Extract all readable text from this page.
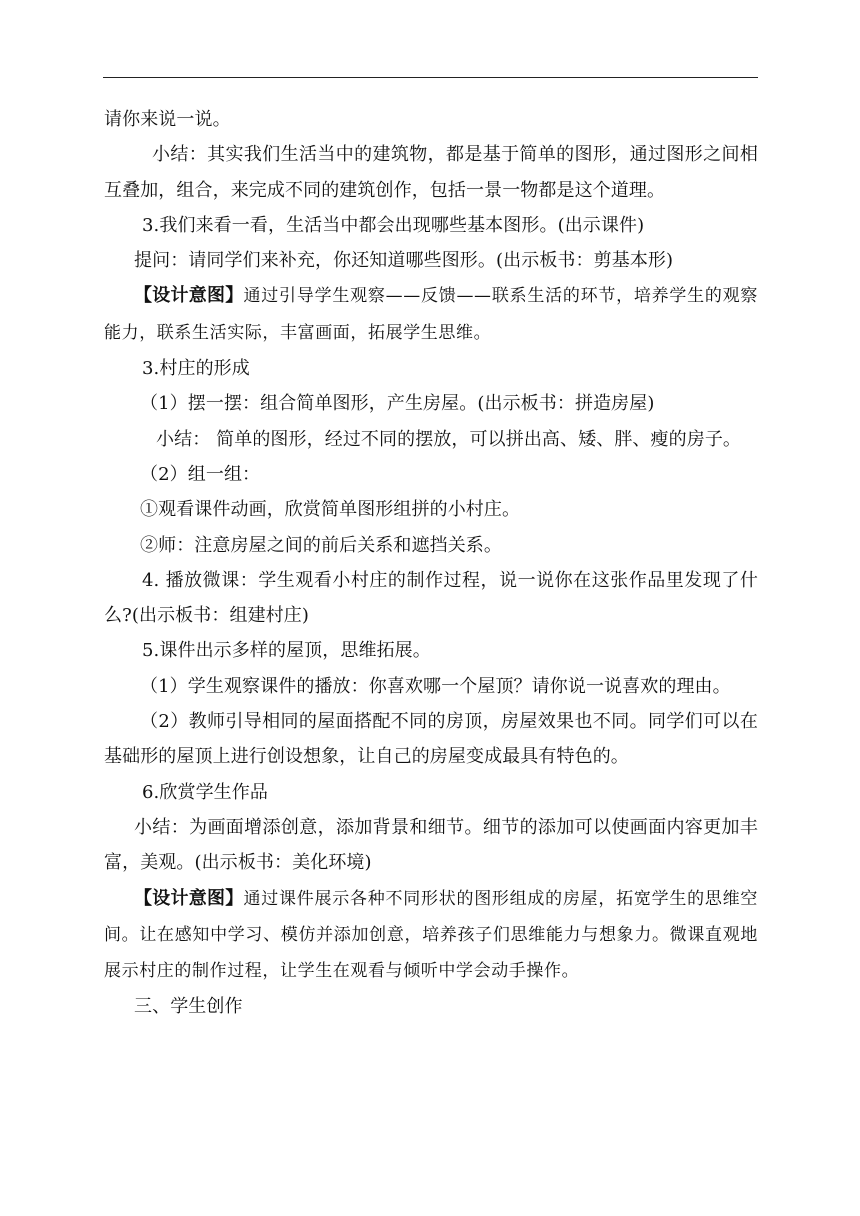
请你来说一说。

小结：其实我们生活当中的建筑物，都是基于简单的图形，通过图形之间相互叠加，组合，来完成不同的建筑创作，包括一景一物都是这个道理。

3.我们来看一看，生活当中都会出现哪些基本图形。(出示课件)

提问：请同学们来补充，你还知道哪些图形。(出示板书：剪基本形)

【设计意图】通过引导学生观察——反馈——联系生活的环节，培养学生的观察能力，联系生活实际，丰富画面，拓展学生思维。

3.村庄的形成

（1）摆一摆：组合简单图形，产生房屋。(出示板书：拼造房屋)

小结： 简单的图形，经过不同的摆放，可以拼出高、矮、胖、瘦的房子。

（2）组一组：

①观看课件动画，欣赏简单图形组拼的小村庄。

②师：注意房屋之间的前后关系和遮挡关系。

4. 播放微课：学生观看小村庄的制作过程，说一说你在这张作品里发现了什么?(出示板书：组建村庄)

5.课件出示多样的屋顶，思维拓展。

（1）学生观察课件的播放：你喜欢哪一个屋顶？请你说一说喜欢的理由。

（2）教师引导相同的屋面搭配不同的房顶，房屋效果也不同。同学们可以在基础形的屋顶上进行创设想象，让自己的房屋变成最具有特色的。

6.欣赏学生作品

小结：为画面增添创意，添加背景和细节。细节的添加可以使画面内容更加丰富，美观。(出示板书：美化环境)

【设计意图】通过课件展示各种不同形状的图形组成的房屋，拓宽学生的思维空间。让在感知中学习、模仿并添加创意，培养孩子们思维能力与想象力。微课直观地展示村庄的制作过程，让学生在观看与倾听中学会动手操作。

三、学生创作
